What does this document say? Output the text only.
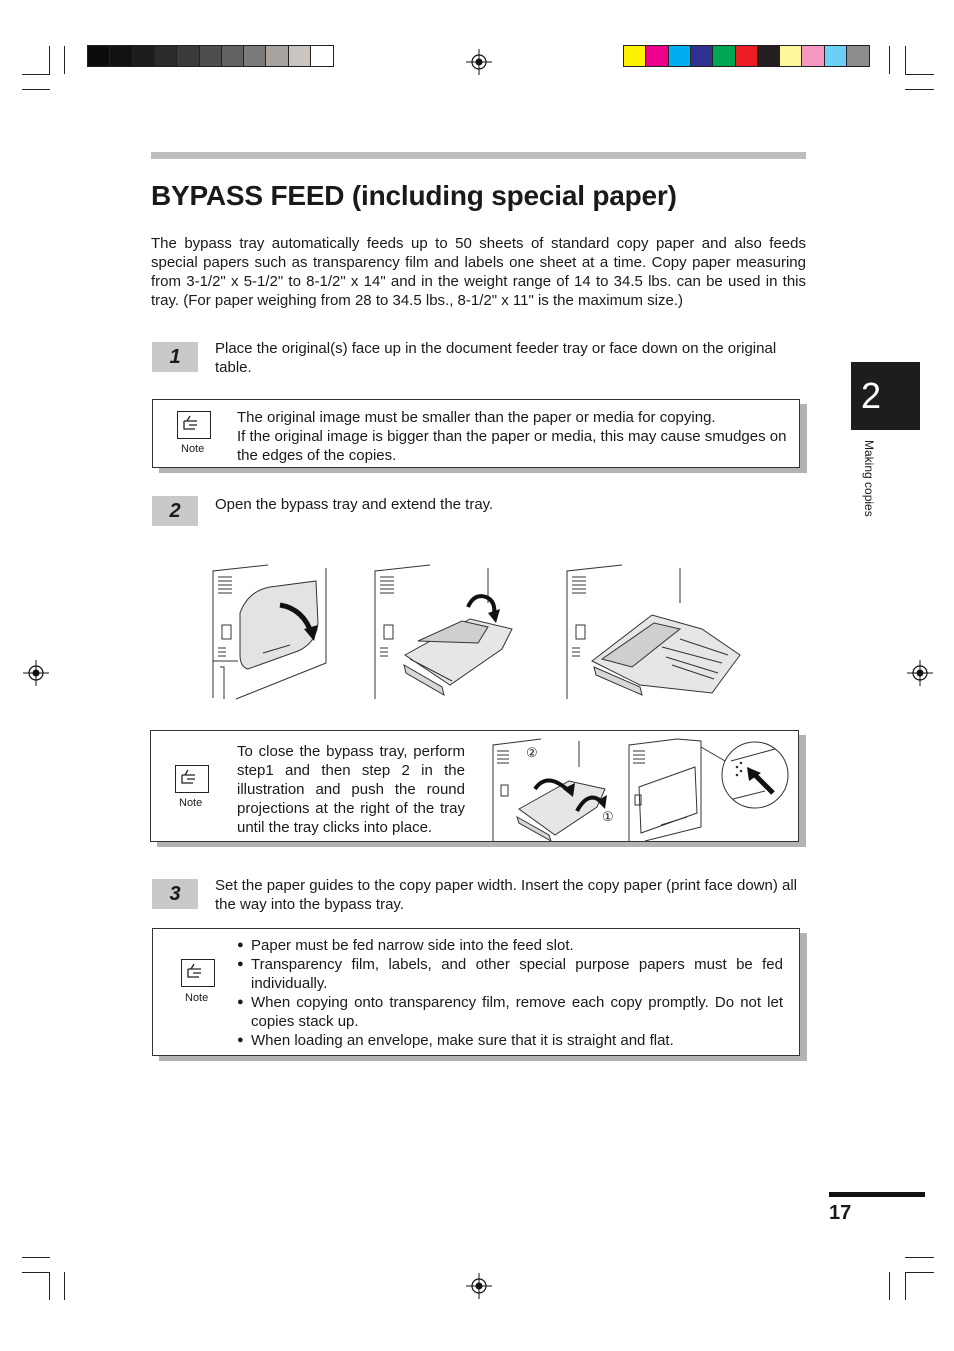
BYPASS FEED (including special paper)

The bypass tray automatically feeds up to 50 sheets of standard copy paper and also feeds special papers such as transparency film and labels one sheet at a time. Copy paper measuring from 3-1/2" x 5-1/2" to 8-1/2" x 14" and in the weight range of 14 to 34.5 lbs. can be used in this tray. (For paper weighing from 28 to 34.5 lbs., 8-1/2" x 11" is the maximum size.)

1	Place the original(s) face up in the document feeder tray or face down on the original table.

Note

The original image must be smaller than the paper or media for copying.
If the original image is bigger than the paper or media, this may cause smudges on the edges of the copies.

2	Open the bypass tray and extend the tray.

Note

To close the bypass tray, perform step1 and then step 2 in the illustration and push the round projections at the right of the tray until the tray clicks into place.

②
①
3	Set the paper guides to the copy paper width. Insert the copy paper (print face down) all the way into the bypass tray.

Note
● Paper must be fed narrow side into the feed slot.
● Transparency film, labels, and other special purpose papers must be fed individually.
● When copying onto transparency film, remove each copy promptly. Do not let copies stack up.
● When loading an envelope, make sure that it is straight and flat.
2
Making copies
17
